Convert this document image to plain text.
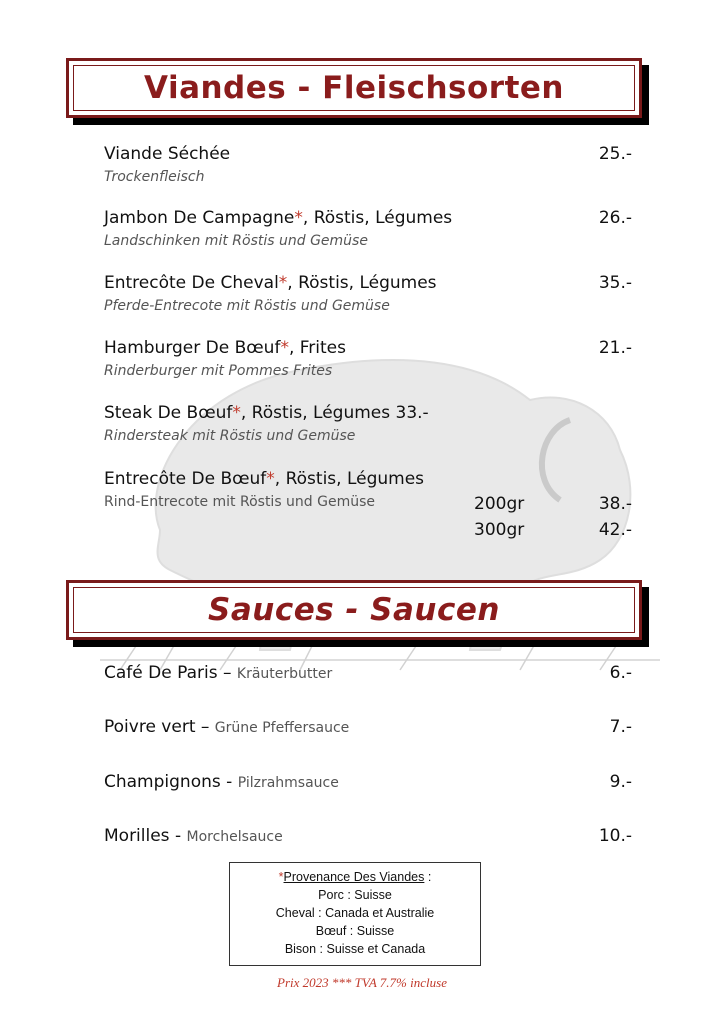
Viandes - Fleischsorten
Viande Séchée	25.-
Trockenfleisch
Jambon De Campagne*, Röstis, Légumes	26.-
Landschinken mit Röstis und Gemüse
Entrecôte De Cheval*, Röstis, Légumes	35.-
Pferde-Entrecote mit Röstis und Gemüse
Hamburger De Bœuf*, Frites	21.-
Rinderburger mit Pommes Frites
Steak De Bœuf*, Röstis, Légumes 33.-
Rindersteak mit Röstis und Gemüse
Entrecôte De Bœuf*, Röstis, Légumes
Rind-Entrecote mit Röstis und Gemüse	200gr	38.-
300gr	42.-
Sauces - Saucen
Café De Paris – Kräuterbutter	6.-
Poivre vert – Grüne Pfeffersauce	7.-
Champignons - Pilzrahmsauce	9.-
Morilles - Morchelsauce	10.-
*Provenance Des Viandes :
Porc : Suisse
Cheval : Canada et Australie
Bœuf : Suisse
Bison : Suisse et Canada
Prix 2023 *** TVA 7.7% incluse
